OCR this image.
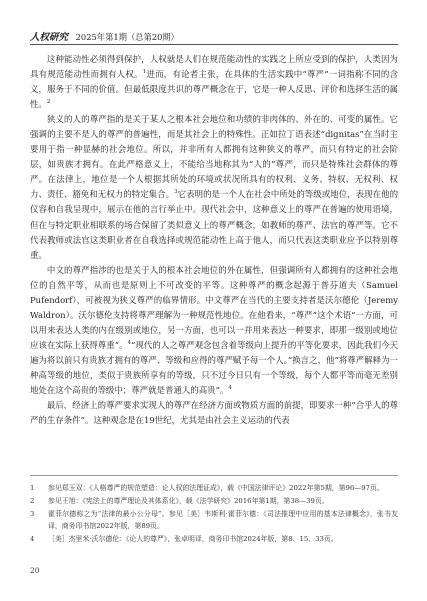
人权研究 2025年第1期（总第20期）

这种能动性必须得到保护，人权就是人们在规范能动性的实践之上所应受到的保护，人类因为具有规范能动性而拥有人权。$^1$进而，有论者主张，在具体的生活实践中“尊严”一词指称不同的含义，服务于不同的价值。但最低限度共识的尊严概念在于，它是一种人反思、评价和选择生活的属性。$^2$

狭义的人的尊严指的是关于某人之根本社会地位和功绩的非肉体的、外在的、可变的属性。它强调的主要不是人的尊严的普遍性，而是其社会上的特殊性。正如拉丁语表述“dignitas”在当时主要用于指一种显赫的社会地位。所以，并非所有人都拥有这种狭义的尊严，而只有特定的社会阶层，如贵族才拥有。在此严格意义上，不能给当地称其为“人的”尊严，而只是特殊社会群体的尊严。在法律上，地位是一个人根据其所处的环境或状况所具有的权利、义务、特权、无权利、权力、责任、豁免和无权力的特定集合。$^3$它表明的是一个人在社会中所处的等级或地位，表现在他的仪容和自我呈现中，展示在他的言行举止中。现代社会中，这种意义上的尊严在普遍的使用语境，但在与特定职业相联系的场合保留了类似意义上的尊严概念，如教师的尊严、法官的尊严等。它不代表教师或法官这类职业者在自我选择或规范能动性上高于他人，而只代表这类职业应予以特别尊重。

中文的尊严指涉的也是关于人的根本社会地位的外在属性，但强调所有人都拥有的这种社会地位的自然平等，从而也是原则上不可改变的平等。这种尊严的概念起源于普芬道夫（Samuel Pufendorf），可被视为狭义尊严的临界情形。中文尊严在当代的主要支持者是沃尔德伦（Jeremy Waldron）。沃尔德伦支持将尊严理解为一种规范性地位。在他看来，“尊严”这个术语“一方面，可以用来表达人类的内在级别或地位，另一方面，也可以一并用来表达一种要求，即那一级别或地位应该在实际上获得尊重”。$^4$“现代的人之尊严观念包含着等级向上提升的平等化要求，因此我们今天遍为将以前只有贵族才拥有的尊严、等级和应得的尊严赋予每一个人。”换言之，他“将尊严解释为一种高等级的地位，类似于贵族所享有的等级，只不过今日只有一个等级，每个人都平等而毫无差别地处在这个高贵的等级中；尊严就是普通人的高贵”。$^4$

最后，经济上的尊严要求实现人的尊严在经济方面或物质方面的前提，即要求一种“合乎人的尊严的生存条件”。这种观念是在19世纪，尤其是由社会主义运动的代表

1	参见郑玉双：《人格尊严的规范塑造：论人权的法理证成》，载《中国法律评论》2022年第5期，第96—97页。
2	参见王旭：《宪法上的尊严理论及其体系化》，载《法学研究》2016年第1期，第38—39页。
3	霍菲尔德称之为“法律的最小公分母”。参见［美］韦斯利·霍菲尔德：《司法推理中应用的基本法律概念》，张书友译，商务印书馆2022年版，第89页。
4	［美］杰里米·沃尔德伦：《论人的尊严》，张卓明译，商务印书馆2024年版，第8、15、33页。
20
